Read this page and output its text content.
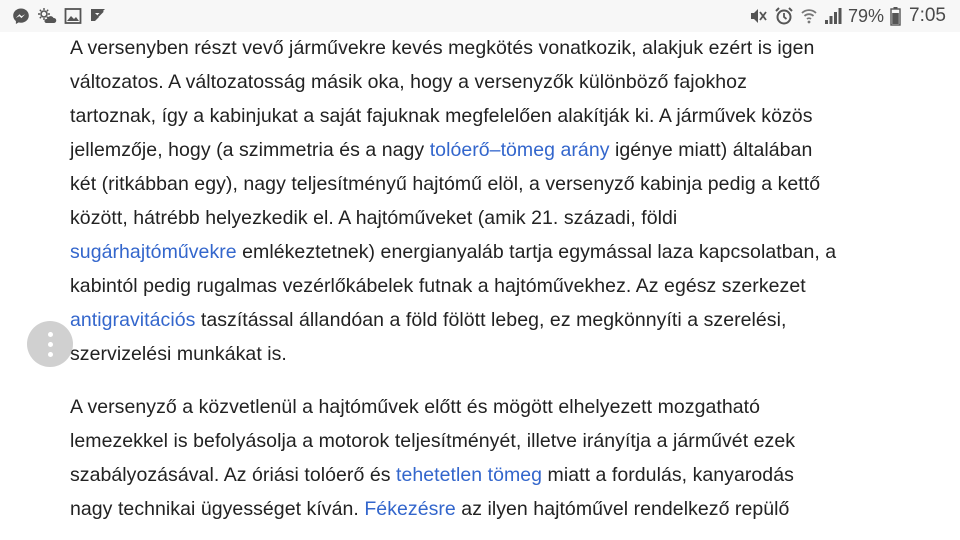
79% 7:05

A versenyben részt vevő járművekre kevés megkötés vonatkozik, alakjuk ezért is igen
változatos. A változatosság másik oka, hogy a versenyzők különböző fajokhoz
tartoznak, így a kabinjukat a saját fajuknak megfelelően alakítják ki. A járművek közös
jellemzője, hogy (a szimmetria és a nagy tolóerő–tömeg arány igénye miatt) általában
két (ritkábban egy), nagy teljesítményű hajtómű elöl, a versenyző kabinja pedig a kettő
között, hátrébb helyezkedik el. A hajtóműveket (amik 21. századi, földi
sugárhajtóművekre emlékeztetnek) energianyaláb tartja egymással laza kapcsolatban, a
kabintól pedig rugalmas vezérlőkábelek futnak a hajtóművekhez. Az egész szerkezet
antigravitációs taszítással állandóan a föld fölött lebeg, ez megkönnyíti a szerelési,
szervizelési munkákat is.

A versenyző a közvetlenül a hajtóművek előtt és mögött elhelyezett mozgatható
lemezekkel is befolyásolja a motorok teljesítményét, illetve irányítja a járművét ezek
szabályozásával. Az óriási tolóerő és tehetetlen tömeg miatt a fordulás, kanyarodás
nagy technikai ügyességet kíván. Fékezésre az ilyen hajtóművel rendelkező repülő
